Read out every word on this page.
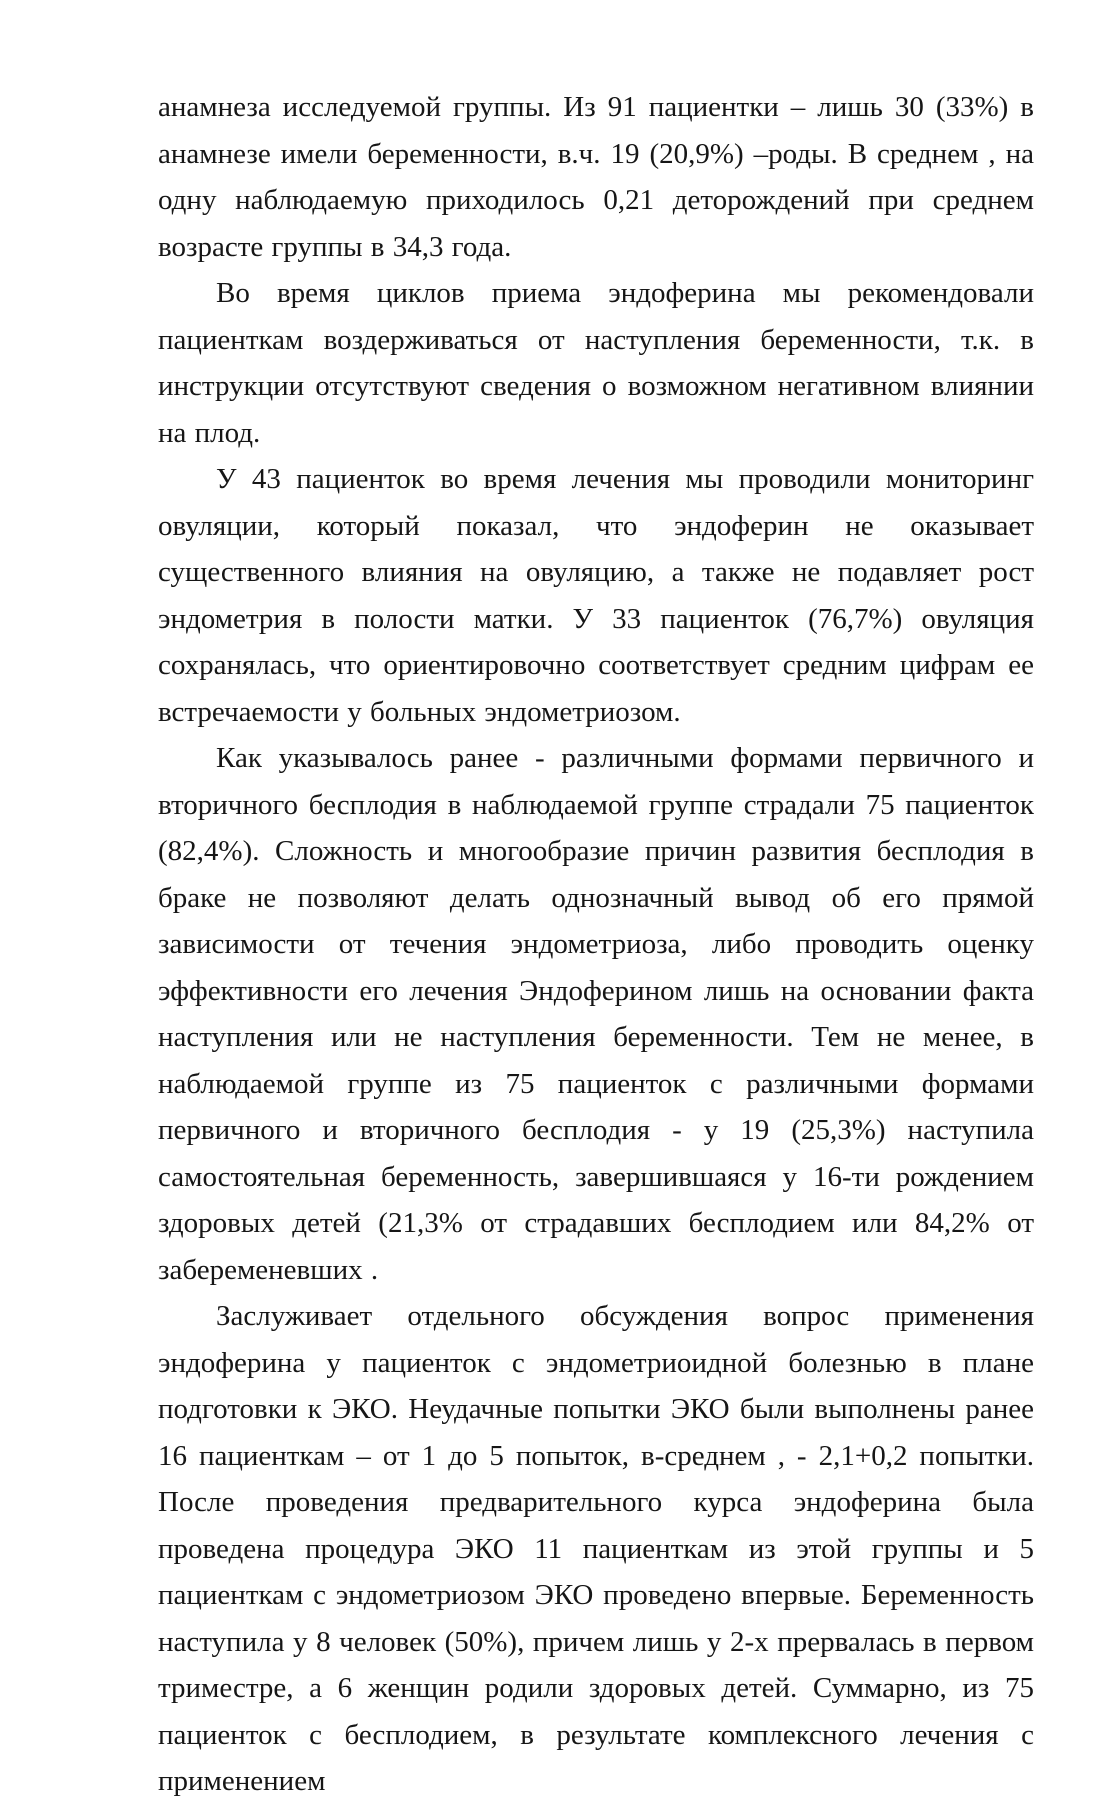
анамнеза исследуемой группы. Из 91 пациентки – лишь 30 (33%) в анамнезе имели беременности, в.ч. 19 (20,9%) –роды. В среднем , на одну наблюдаемую приходилось 0,21 деторождений при среднем возрасте группы в 34,3 года.

Во время циклов приема эндоферина мы рекомендовали пациенткам воздерживаться от наступления беременности, т.к. в инструкции отсутствуют сведения о возможном негативном влиянии на плод.

У 43 пациенток во время лечения мы проводили мониторинг овуляции, который показал, что эндоферин не оказывает существенного влияния на овуляцию, а также не подавляет рост эндометрия в полости матки. У 33 пациенток (76,7%) овуляция сохранялась, что ориентировочно соответствует средним цифрам ее встречаемости у больных эндометриозом.

Как указывалось ранее - различными формами первичного и вторичного бесплодия в наблюдаемой группе страдали 75 пациенток (82,4%). Сложность и многообразие причин развития бесплодия в браке не позволяют делать однозначный вывод об его прямой зависимости от течения эндометриоза, либо проводить оценку эффективности его лечения Эндоферином лишь на основании факта наступления или не наступления беременности. Тем не менее, в наблюдаемой группе из 75 пациенток с различными формами первичного и вторичного бесплодия - у 19 (25,3%) наступила самостоятельная беременность, завершившаяся у 16-ти рождением здоровых детей (21,3% от страдавших бесплодием или 84,2% от забеременевших .

Заслуживает отдельного обсуждения вопрос применения эндоферина у пациенток с эндометриоидной болезнью в плане подготовки к ЭКО. Неудачные попытки ЭКО были выполнены ранее 16 пациенткам – от 1 до 5 попыток, в-среднем , - 2,1+0,2 попытки. После проведения предварительного курса эндоферина была проведена процедура ЭКО 11 пациенткам из этой группы и 5 пациенткам с эндометриозом ЭКО проведено впервые. Беременность наступила у 8 человек (50%), причем лишь у 2-х прервалась в первом триместре, а 6 женщин родили здоровых детей. Суммарно, из 75 пациенток с бесплодием, в результате комплексного лечения с применением
